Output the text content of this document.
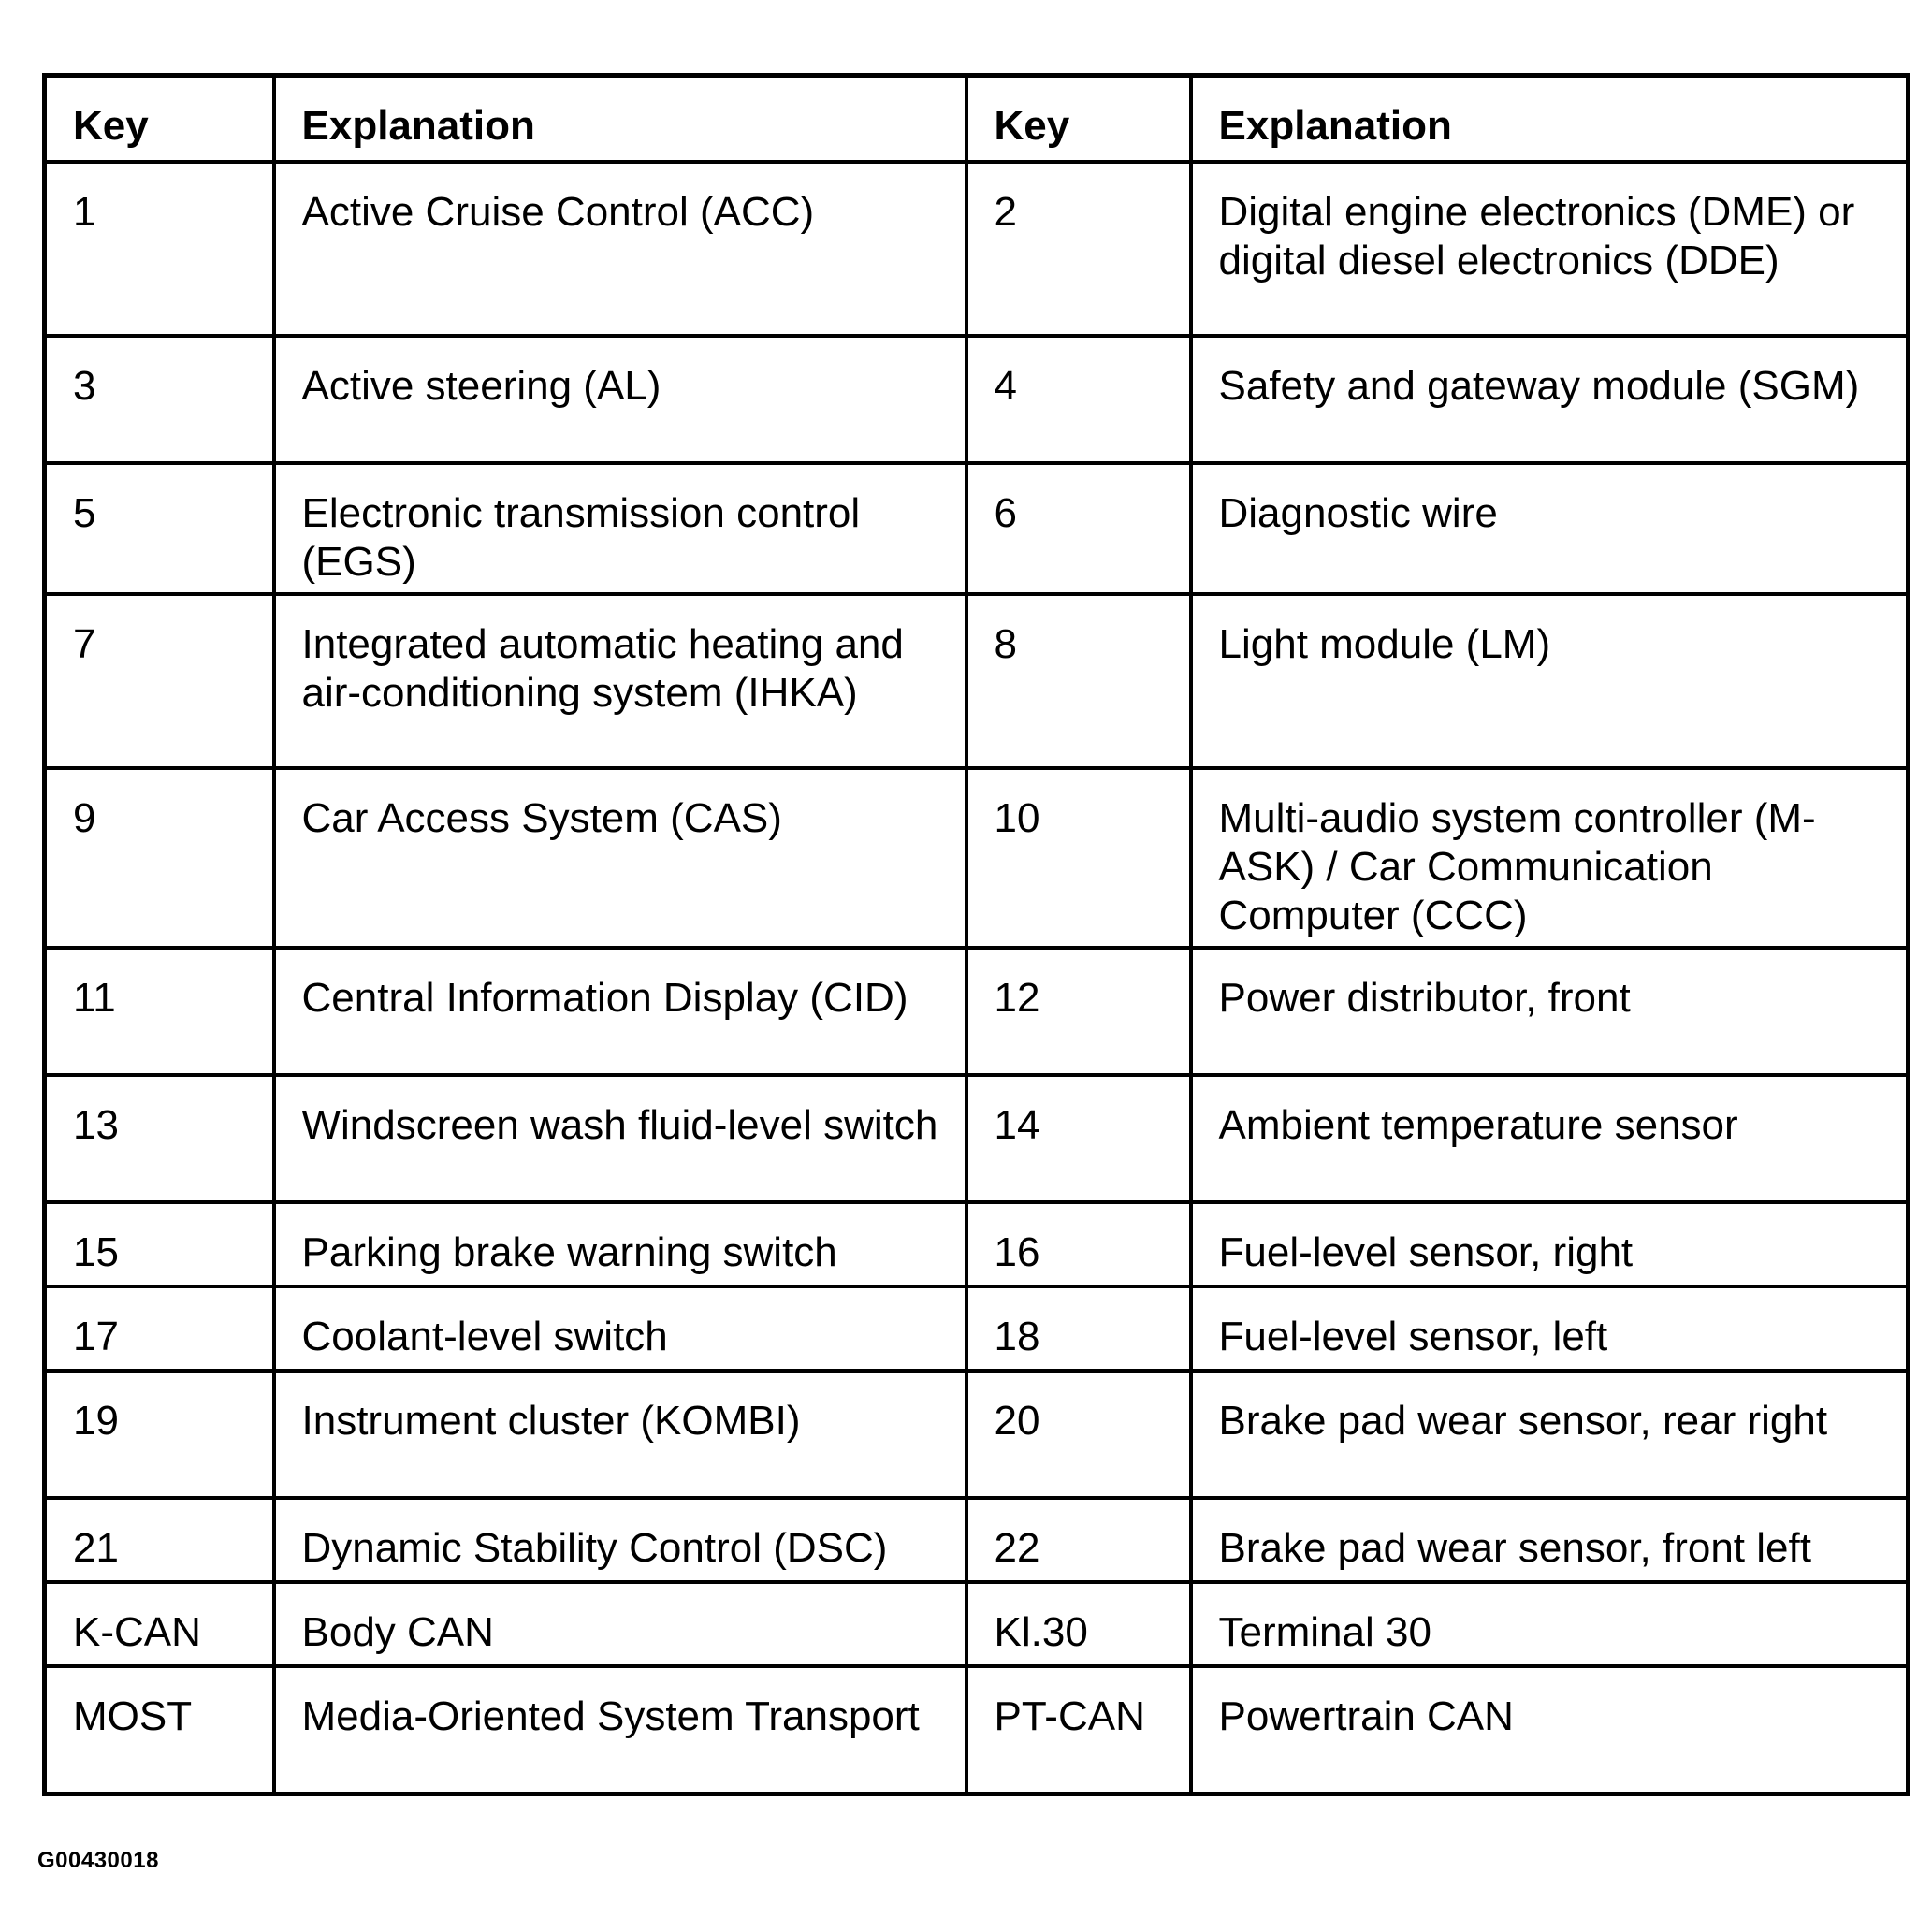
Key	Explanation	Key	Explanation
1	Active Cruise Control (ACC)	2	Digital engine electronics (DME) or digital diesel electronics (DDE)
3	Active steering (AL)	4	Safety and gateway module (SGM)
5	Electronic transmission control (EGS)	6	Diagnostic wire
7	Integrated automatic heating and air-conditioning system (IHKA)	8	Light module (LM)
9	Car Access System (CAS)	10	Multi-audio system controller (M-ASK) / Car Communication Computer (CCC)
11	Central Information Display (CID)	12	Power distributor, front
13	Windscreen wash fluid-level switch	14	Ambient temperature sensor
15	Parking brake warning switch	16	Fuel-level sensor, right
17	Coolant-level switch	18	Fuel-level sensor, left
19	Instrument cluster (KOMBI)	20	Brake pad wear sensor, rear right
21	Dynamic Stability Control (DSC)	22	Brake pad wear sensor, front left
K-CAN	Body CAN	Kl.30	Terminal 30
MOST	Media-Oriented System Transport	PT-CAN	Powertrain CAN
G00430018
